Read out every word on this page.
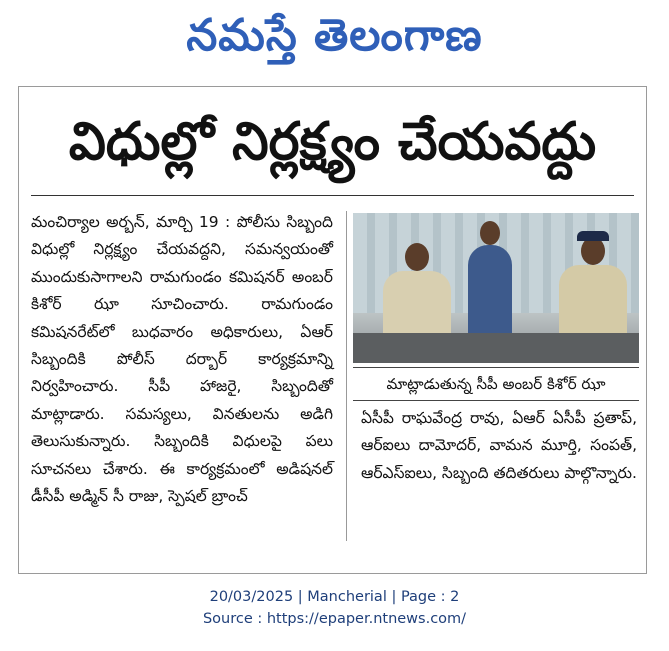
నమస్తే తెలంగాణ
విధుల్లో నిర్లక్ష్యం చేయవద్దు

మంచిర్యాల అర్బన్, మార్చి 19 : పోలీసు సిబ్బంది విధుల్లో నిర్లక్ష్యం చేయవద్దని, సమన్వయంతో ముందుకుసాగాలని రామగుండం కమిషనర్ అంబర్ కిశోర్ ఝా సూచించారు. రామగుండం కమిషనరేట్‌లో బుధవారం అధికారులు, ఏఆర్ సిబ్బందికి పోలీస్ దర్బార్ కార్యక్రమాన్ని నిర్వహించారు. సీపీ హాజరై, సిబ్బందితో మాట్లాడారు. సమస్యలు, వినతులను అడిగి తెలుసుకున్నారు. సిబ్బందికి విధులపై పలు సూచనలు చేశారు. ఈ కార్యక్రమంలో అడిషనల్ డీసీపీ అడ్మిన్ సీ రాజు, స్పెషల్ బ్రాంచ్

మాట్లాడుతున్న సీపీ అంబర్ కిశోర్ ఝా

ఏసీపీ రాఘవేంద్ర రావు, ఏఆర్ ఏసీపీ ప్రతాప్, ఆర్‌ఐలు దామోదర్, వామన మూర్తి, సంపత్, ఆర్ఎస్‌ఐలు, సిబ్బంది తదితరులు పాల్గొన్నారు.

20/03/2025 | Mancherial | Page : 2
Source : https://epaper.ntnews.com/
